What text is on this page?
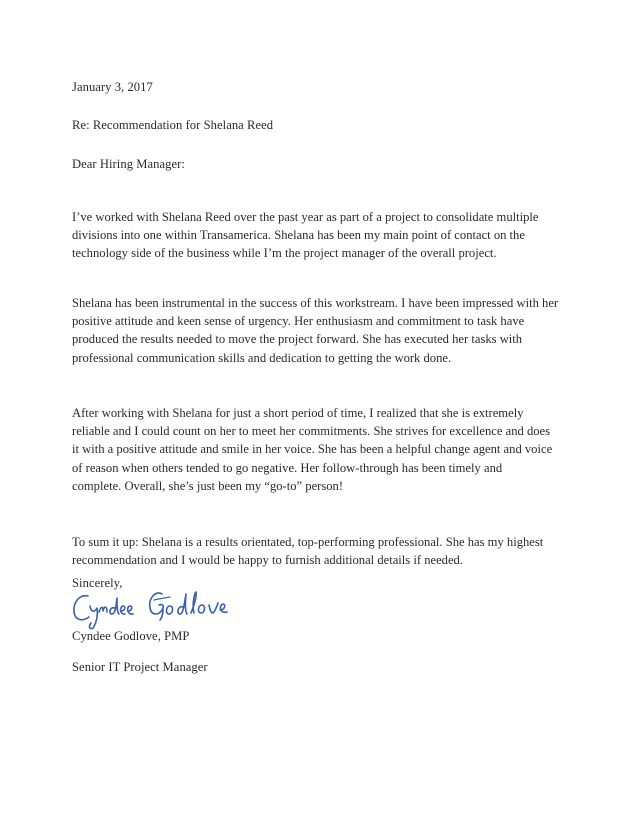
January 3, 2017
Re: Recommendation for Shelana Reed
Dear Hiring Manager:

I’ve worked with Shelana Reed over the past year as part of a project to consolidate multiple
divisions into one within Transamerica. Shelana has been my main point of contact on the
technology side of the business while I’m the project manager of the overall project.

Shelana has been instrumental in the success of this workstream. I have been impressed with her
positive attitude and keen sense of urgency. Her enthusiasm and commitment to task have
produced the results needed to move the project forward. She has executed her tasks with
professional communication skills and dedication to getting the work done.

After working with Shelana for just a short period of time, I realized that she is extremely
reliable and I could count on her to meet her commitments. She strives for excellence and does
it with a positive attitude and smile in her voice. She has been a helpful change agent and voice
of reason when others tended to go negative. Her follow-through has been timely and
complete. Overall, she’s just been my “go-to” person!

To sum it up: Shelana is a results orientated, top-performing professional. She has my highest
recommendation and I would be happy to furnish additional details if needed.

Sincerely,
Cyndee Godlove, PMP
Senior IT Project Manager
